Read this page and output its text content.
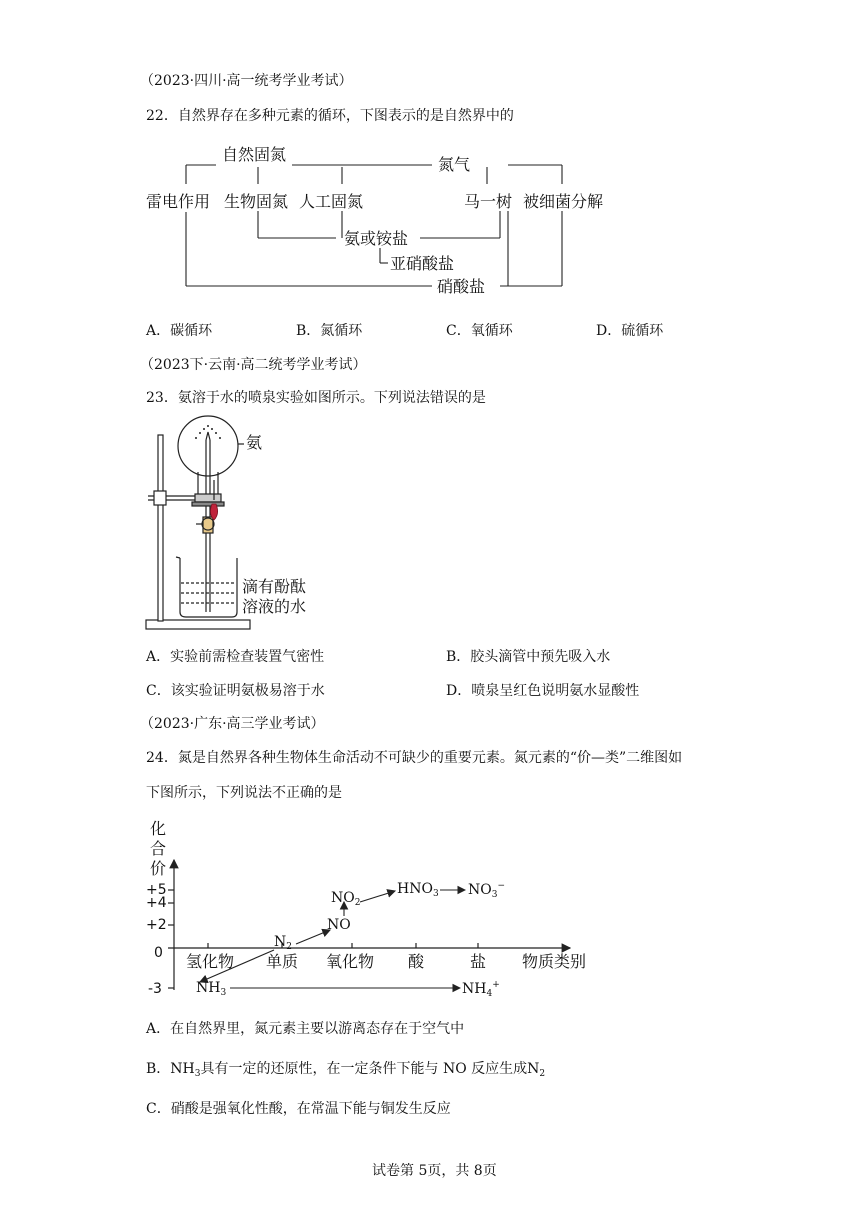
（2023·四川·高一统考学业考试）
22．自然界存在多种元素的循环，下图表示的是自然界中的
自然固氮
氮气
雷电作用 生物固氮 人工固氮	马一树 被细菌分解
氨或铵盐
亚硝酸盐
硝酸盐
A．碳循环	B．氮循环	C．氧循环	D．硫循环
（2023下·云南·高二统考学业考试）
23．氨溶于水的喷泉实验如图所示。下列说法错误的是
氨
滴有酚酞
溶液的水
A．实验前需检查装置气密性	B．胶头滴管中预先吸入水
C．该实验证明氨极易溶于水	D．喷泉呈红色说明氨水显酸性
（2023·广东·高三学业考试）
24．氮是自然界各种生物体生命活动不可缺少的重要元素。氮元素的“价—类”二维图如
下图所示，下列说法不正确的是
化
合
价
+5
+4
+2
0
-3
氢化物 单质 氧化物 酸	盐 物质类别
$N_2$
NO
$NO_2$
$HNO_3$ $NO_3^-$
$NH_3$	$NH_4^+$
A．在自然界里，氮元素主要以游离态存在于空气中
B．$NH_3$具有一定的还原性，在一定条件下能与 NO 反应生成$N_2$
C．硝酸是强氧化性酸，在常温下能与铜发生反应
试卷第 5页，共 8页
